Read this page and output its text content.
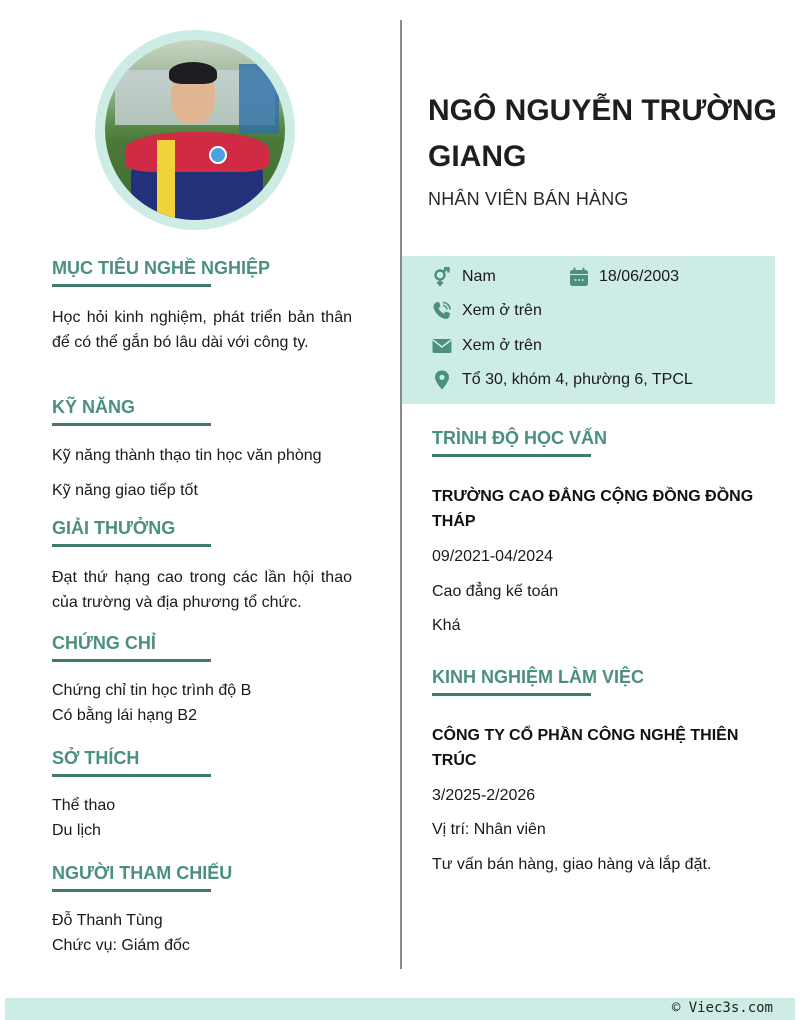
MỤC TIÊU NGHỀ NGHIỆP
Học hỏi kinh nghiệm, phát triển bản thân để có thể gắn bó lâu dài với công ty.
KỸ NĂNG
Kỹ năng thành thạo tin học văn phòng
Kỹ năng giao tiếp tốt
GIẢI THƯỞNG
Đạt thứ hạng cao trong các lần hội thao của trường và địa phương tổ chức.
CHỨNG CHỈ
Chứng chỉ tin học trình độ B
Có bằng lái hạng B2
SỞ THÍCH
Thể thao
Du lịch
NGƯỜI THAM CHIẾU
Đỗ Thanh Tùng
Chức vụ: Giám đốc
NGÔ NGUYỄN TRƯỜNG GIANG
NHÂN VIÊN BÁN HÀNG
Nam	18/06/2003
Xem ở trên
Xem ở trên
Tổ 30, khóm 4, phường 6, TPCL
TRÌNH ĐỘ HỌC VẤN
TRƯỜNG CAO ĐẲNG CỘNG ĐỒNG ĐỒNG THÁP
09/2021-04/2024
Cao đẳng kế toán
Khá
KINH NGHIỆM LÀM VIỆC
CÔNG TY CỔ PHẦN CÔNG NGHỆ THIÊN TRÚC
3/2025-2/2026
Vị trí: Nhân viên
Tư vấn bán hàng, giao hàng và lắp đặt.
© Viec3s.com
